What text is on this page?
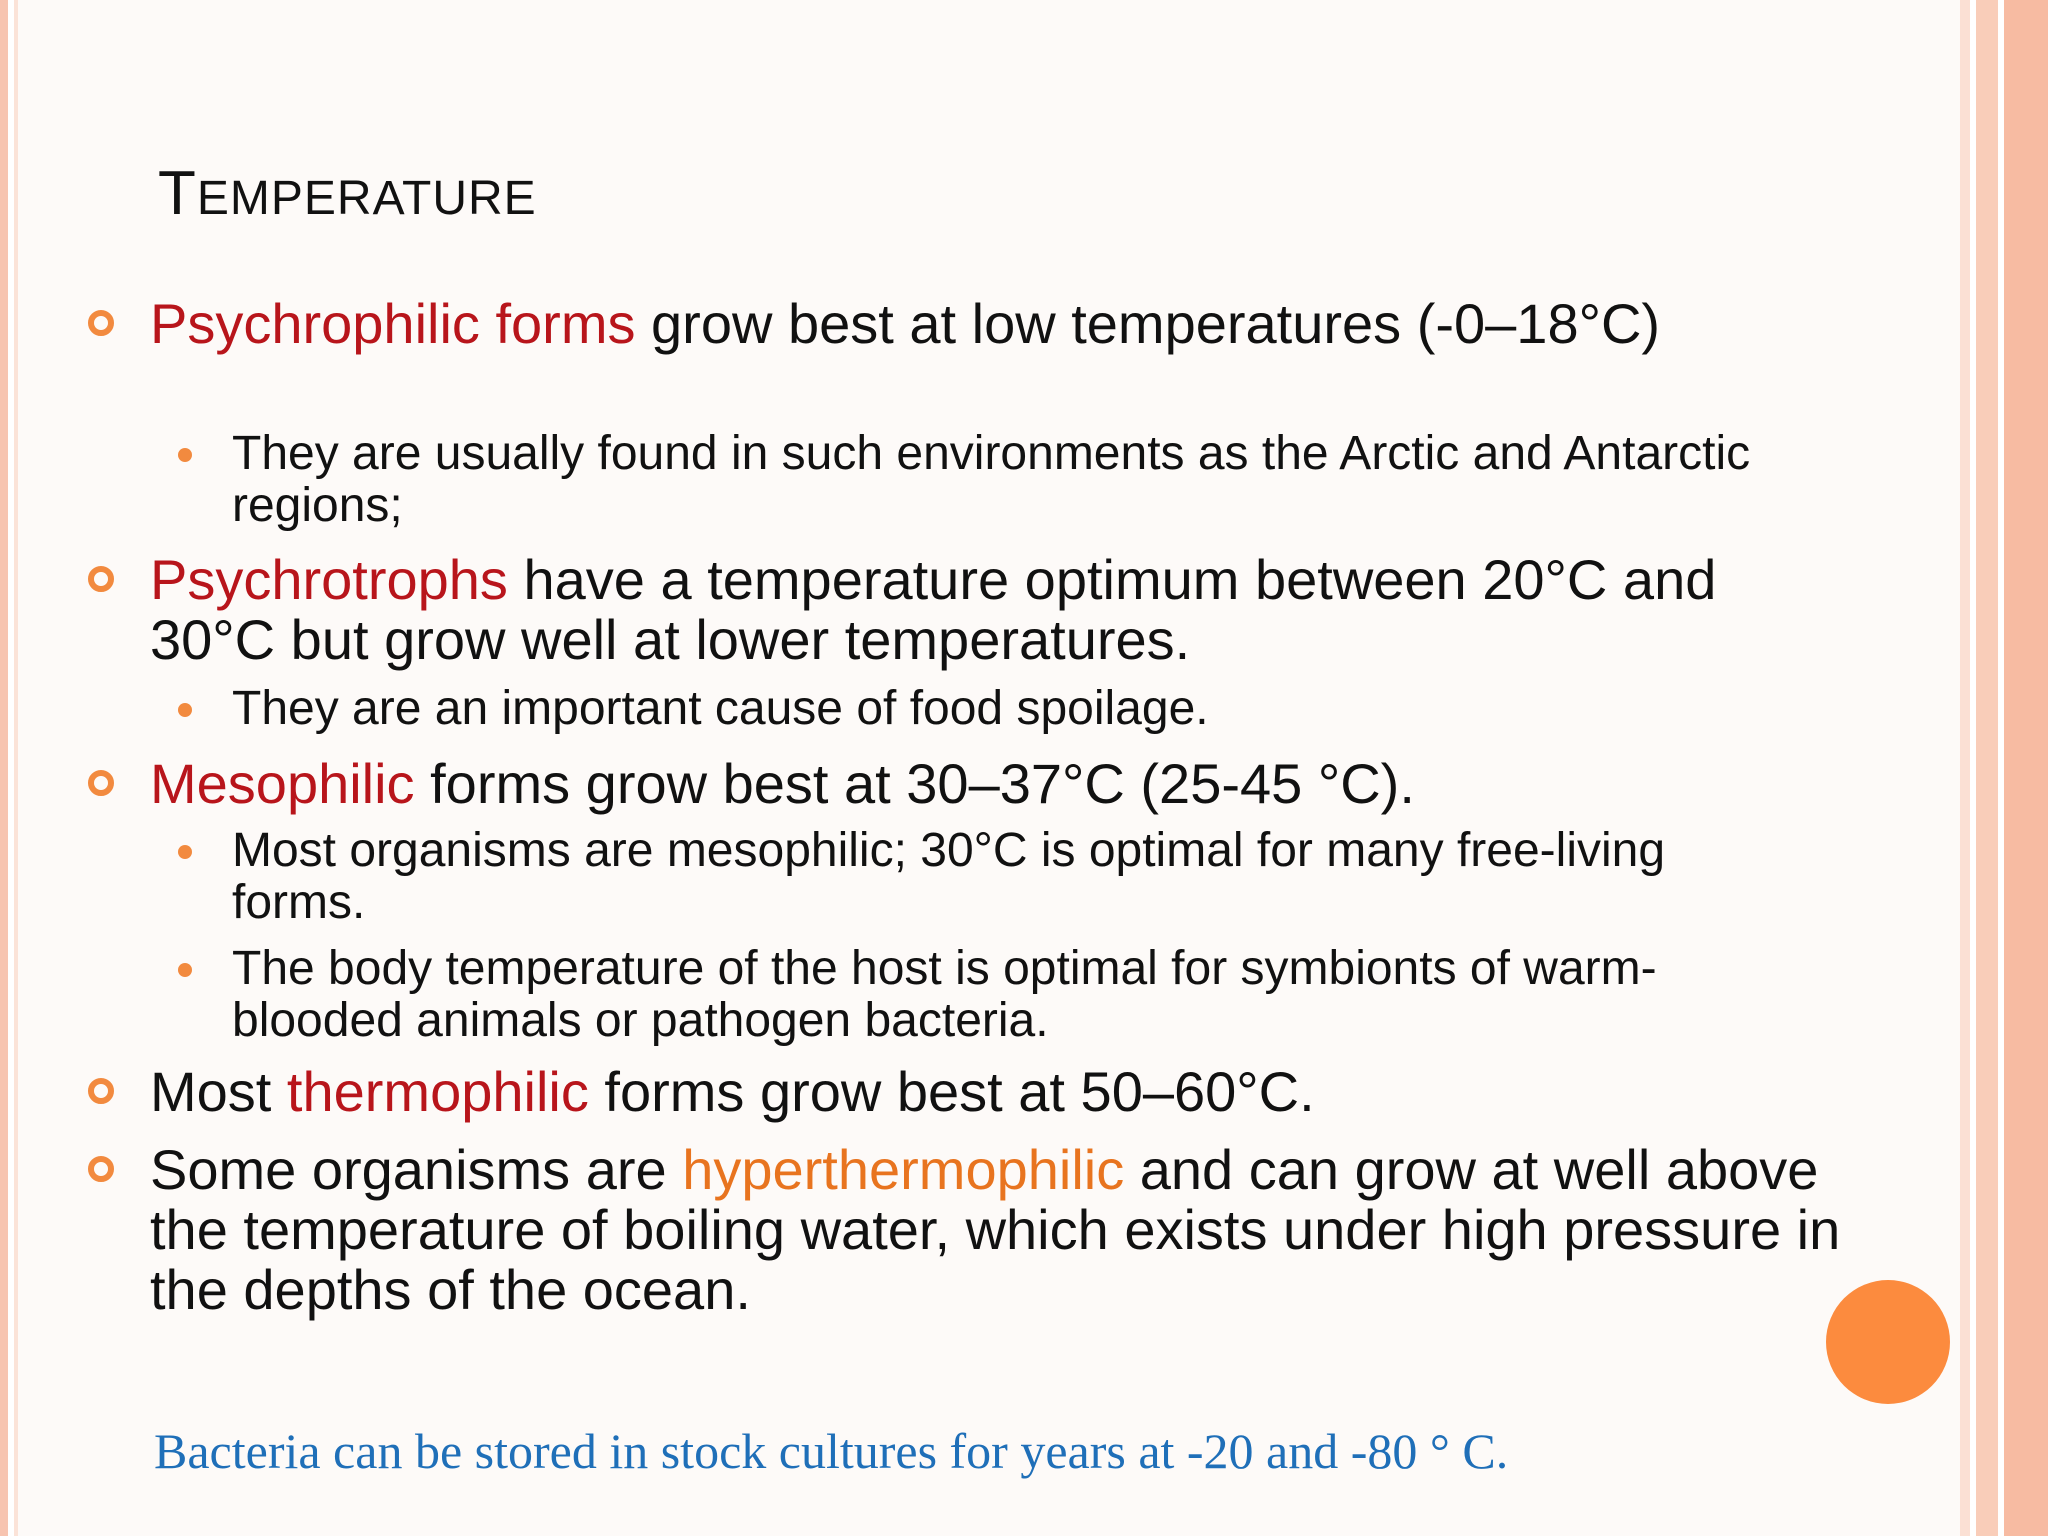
TEMPERATURE
Psychrophilic forms grow best at low temperatures (-0–18°C)
They are usually found in such environments as the Arctic and Antarctic regions;
Psychrotrophs have a temperature optimum between 20°C and 30°C but grow well at lower temperatures.
They are an important cause of food spoilage.
Mesophilic forms grow best at 30–37°C (25-45 °C).
Most organisms are mesophilic; 30°C is optimal for many free-living forms.
The body temperature of the host is optimal for symbionts of warm-blooded animals or pathogen bacteria.
Most thermophilic forms grow best at 50–60°C.
Some organisms are hyperthermophilic and can grow at well above the temperature of boiling water, which exists under high pressure in the depths of the ocean.
Bacteria can be stored in stock cultures for years at -20 and -80 ° C.
